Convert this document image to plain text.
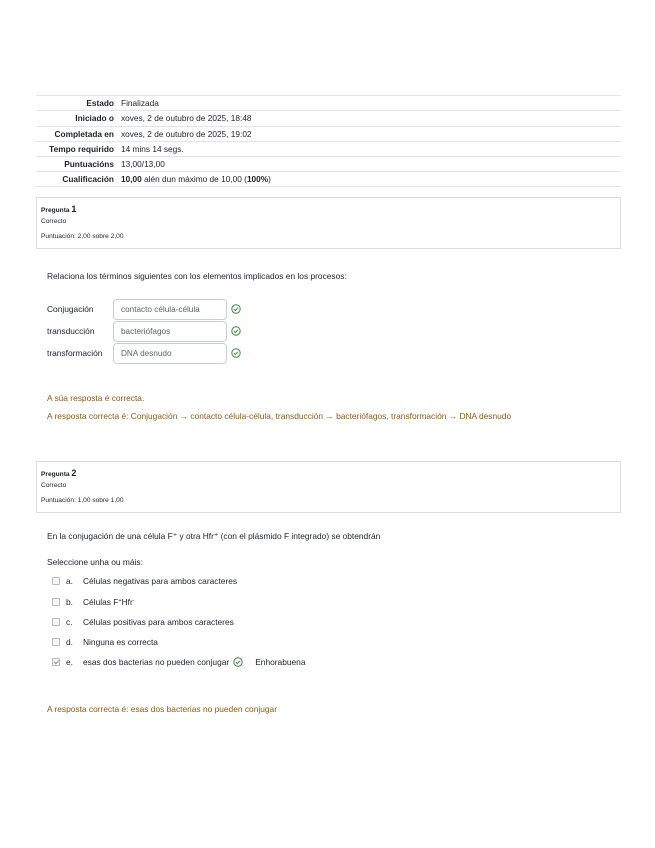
Estado Finalizada
Iniciado o xoves, 2 de outubro de 2025, 18:48
Completada en xoves, 2 de outubro de 2025, 19:02
Tempo requirido 14 mins 14 segs.
Puntuacións 13,00/13,00
Cualificación 10,00 alén dun máximo de 10,00 (100%)
Pregunta 1
Correcto
Puntuación: 2,00 sobre 2,00
Relaciona los términos siguientes con los elementos implicados en los procesos:
Conjugación	contacto célula-célula
transducción	bacteriófagos
transformación	DNA desnudo
A súa resposta é correcta.
A resposta correcta é: Conjugación → contacto célula-célula, transducción → bacteriófagos, transformación → DNA desnudo
Pregunta 2
Correcto
Puntuación: 1,00 sobre 1,00
En la conjugación de una célula F⁺ y otra Hfr⁺ (con el plásmido F integrado) se obtendrán
Seleccione unha ou máis:
a.	Células negativas para ambos caracteres
b.	Células F+Hfr-
c.	Células positivas para ambos caracteres
d.	Ninguna es correcta
e.	esas dos bacterias no pueden conjugar	Enhorabuena
A resposta correcta é: esas dos bacterias no pueden conjugar
